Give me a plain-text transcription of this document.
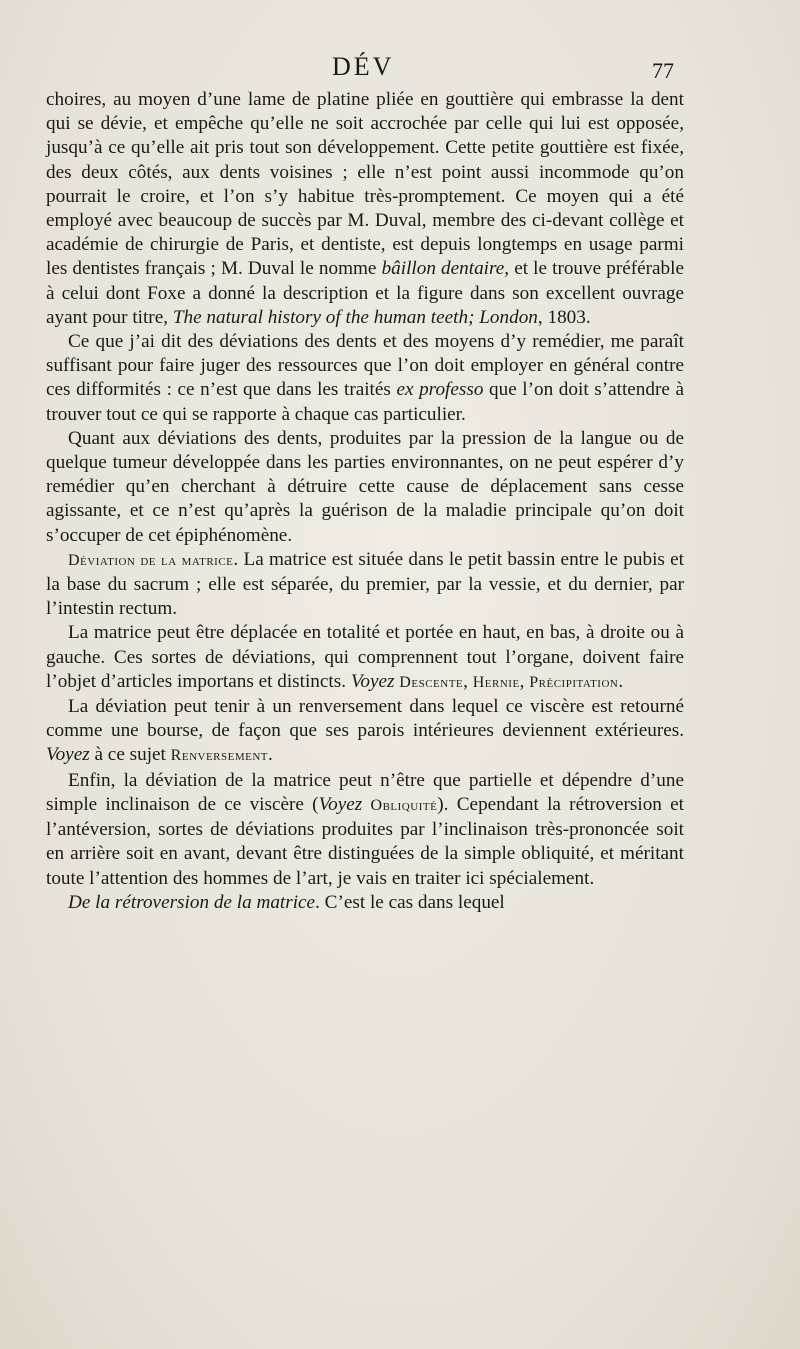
DÉV	77

choires, au moyen d’une lame de platine pliée en gouttière qui embrasse la dent qui se dévie, et empêche qu’elle ne soit accrochée par celle qui lui est opposée, jusqu’à ce qu’elle ait pris tout son développement. Cette petite gouttière est fixée, des deux côtés, aux dents voisines ; elle n’est point aussi incommode qu’on pourrait le croire, et l’on s’y habitue très-promptement. Ce moyen qui a été employé avec beaucoup de succès par M. Duval, membre des ci-devant collège et académie de chirurgie de Paris, et dentiste, est depuis longtemps en usage parmi les dentistes français ; M. Duval le nomme bâillon dentaire, et le trouve préférable à celui dont Foxe a donné la description et la figure dans son excellent ouvrage ayant pour titre, The natural history of the human teeth; London, 1803.

Ce que j’ai dit des déviations des dents et des moyens d’y remédier, me paraît suffisant pour faire juger des ressources que l’on doit employer en général contre ces difformités : ce n’est que dans les traités ex professo que l’on doit s’attendre à trouver tout ce qui se rapporte à chaque cas particulier.

Quant aux déviations des dents, produites par la pression de la langue ou de quelque tumeur développée dans les parties environnantes, on ne peut espérer d’y remédier qu’en cherchant à détruire cette cause de déplacement sans cesse agissante, et ce n’est qu’après la guérison de la maladie principale qu’on doit s’occuper de cet épiphénomène.

Déviation de la matrice. La matrice est située dans le petit bassin entre le pubis et la base du sacrum ; elle est séparée, du premier, par la vessie, et du dernier, par l’intestin rectum.

La matrice peut être déplacée en totalité et portée en haut, en bas, à droite ou à gauche. Ces sortes de déviations, qui comprennent tout l’organe, doivent faire l’objet d’articles importans et distincts. Voyez Descente, Hernie, Précipitation.

La déviation peut tenir à un renversement dans lequel ce viscère est retourné comme une bourse, de façon que ses parois intérieures deviennent extérieures. Voyez à ce sujet Renversement.

Enfin, la déviation de la matrice peut n’être que partielle et dépendre d’une simple inclinaison de ce viscère (Voyez Obliquité). Cependant la rétroversion et l’antéversion, sortes de déviations produites par l’inclinaison très-prononcée soit en arrière soit en avant, devant être distinguées de la simple obliquité, et méritant toute l’attention des hommes de l’art, je vais en traiter ici spécialement.

De la rétroversion de la matrice. C’est le cas dans lequel
